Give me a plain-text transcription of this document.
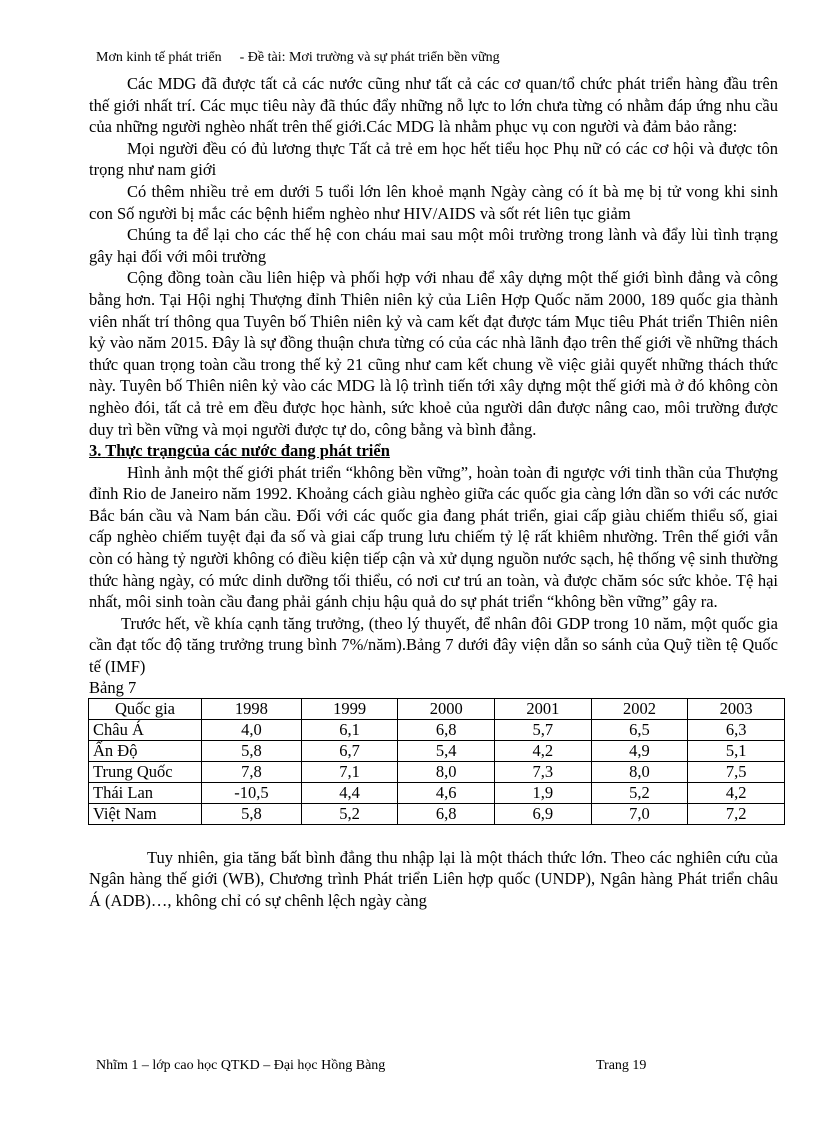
Mơn kinh tế phát triển - Đề tài: Mơi trường và sự phát triển bền vững

Các MDG đã được tất cả các nước cũng như tất cả các cơ quan/tổ chức phát triển hàng đầu trên thế giới nhất trí. Các mục tiêu này đã thúc đẩy những nỗ lực to lớn chưa từng có nhằm đáp ứng nhu cầu của những người nghèo nhất trên thế giới.Các MDG là nhằm phục vụ con người và đảm bảo rằng:

Mọi người đều có đủ lương thực Tất cả trẻ em học hết tiểu học Phụ nữ có các cơ hội và được tôn trọng như nam giới

Có thêm nhiều trẻ em dưới 5 tuổi lớn lên khoẻ mạnh Ngày càng có ít bà mẹ bị tử vong khi sinh con Số người bị mắc các bệnh hiểm nghèo như HIV/AIDS và sốt rét liên tục giảm

Chúng ta để lại cho các thế hệ con cháu mai sau một môi trường trong lành và đẩy lùi tình trạng gây hại đối với môi trường

Cộng đồng toàn cầu liên hiệp và phối hợp với nhau để xây dựng một thế giới bình đẳng và công bằng hơn. Tại Hội nghị Thượng đỉnh Thiên niên kỷ của Liên Hợp Quốc năm 2000, 189 quốc gia thành viên nhất trí thông qua Tuyên bố Thiên niên kỷ và cam kết đạt được tám Mục tiêu Phát triển Thiên niên kỷ vào năm 2015. Đây là sự đồng thuận chưa từng có của các nhà lãnh đạo trên thế giới về những thách thức quan trọng toàn cầu trong thế kỷ 21 cũng như cam kết chung về việc giải quyết những thách thức này. Tuyên bố Thiên niên kỷ vào các MDG là lộ trình tiến tới xây dựng một thế giới mà ở đó không còn nghèo đói, tất cả trẻ em đều được học hành, sức khoẻ của người dân được nâng cao, môi trường được duy trì bền vững và mọi người được tự do, công bằng và bình đẳng.

3. Thực trạngcủa các nước đang phát triển

Hình ảnh một thế giới phát triển “không bền vững”, hoàn toàn đi ngược với tinh thần của Thượng đỉnh Rio de Janeiro năm 1992. Khoảng cách giàu nghèo giữa các quốc gia càng lớn dần so với các nước Bắc bán cầu và Nam bán cầu. Đối với các quốc gia đang phát triển, giai cấp giàu chiếm thiểu số, giai cấp nghèo chiếm tuyệt đại đa số và giai cấp trung lưu chiếm tỷ lệ rất khiêm nhường. Trên thế giới vẫn còn có hàng tỷ người không có điều kiện tiếp cận và xử dụng nguồn nước sạch, hệ thống vệ sinh thường thức hàng ngày, có mức dinh dưỡng tối thiểu, có nơi cư trú an toàn, và được chăm sóc sức khỏe. Tệ hại nhất, môi sinh toàn cầu đang phải gánh chịu hậu quả do sự phát triển “không bền vững” gây ra.

Trước hết, về khía cạnh tăng trưởng, (theo lý thuyết, để nhân đôi GDP trong 10 năm, một quốc gia cần đạt tốc độ tăng trưởng trung bình 7%/năm).Bảng 7 dưới đây viện dẫn so sánh của Quỹ tiền tệ Quốc tế (IMF)

Bảng 7

Quốc gia	1998	1999	2000	2001	2002	2003
Châu Á	4,0	6,1	6,8	5,7	6,5	6,3
Ấn Độ	5,8	6,7	5,4	4,2	4,9	5,1
Trung Quốc	7,8	7,1	8,0	7,3	8,0	7,5
Thái Lan	-10,5	4,4	4,6	1,9	5,2	4,2
Việt Nam	5,8	5,2	6,8	6,9	7,0	7,2

Tuy nhiên, gia tăng bất bình đẳng thu nhập lại là một thách thức lớn. Theo các nghiên cứu của Ngân hàng thế giới (WB), Chương trình Phát triển Liên hợp quốc (UNDP), Ngân hàng Phát triển châu Á (ADB)…, không chỉ có sự chênh lệch ngày càng

Nhĩm 1 – lớp cao học QTKD – Đại học Hồng Bàng	Trang 19
